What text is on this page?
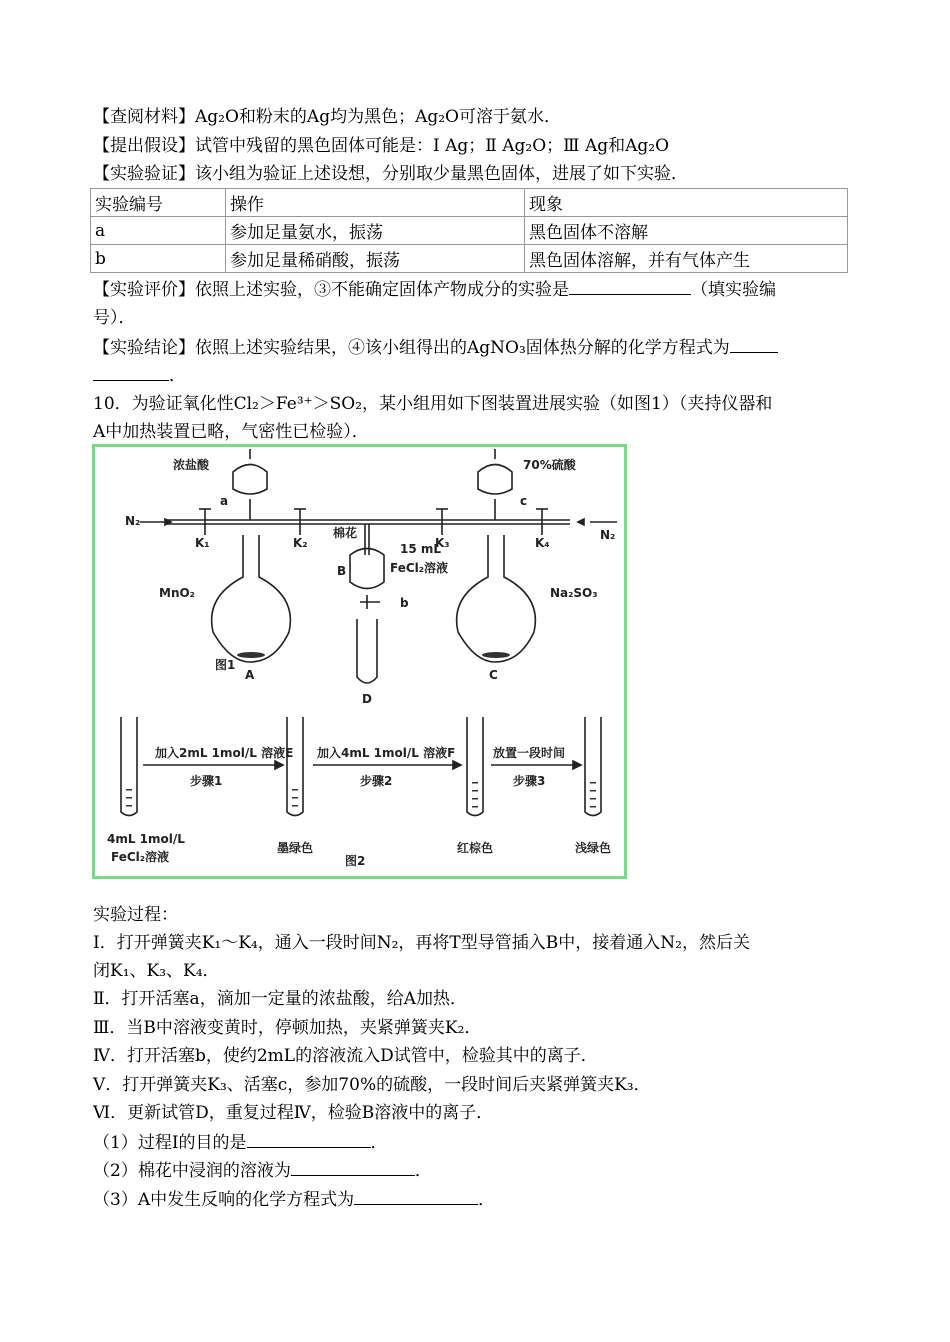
【查阅材料】Ag₂O和粉末的Ag均为黑色；Ag₂O可溶于氨水．
【提出假设】试管中残留的黑色固体可能是：Ⅰ Ag；Ⅱ Ag₂O；Ⅲ Ag和Ag₂O
【实验验证】该小组为验证上述设想，分别取少量黑色固体，进展了如下实验．
实验编号	操作	现象
a	参加足量氨水，振荡	黑色固体不溶解
b	参加足量稀硝酸，振荡	黑色固体溶解，并有气体产生
【实验评价】依照上述实验，③不能确定固体产物成分的实验是	（填实验编
号）．
【实验结论】依照上述实验结果，④该小组得出的AgNO₃固体热分解的化学方程式为
．
10．为验证氧化性Cl₂＞Fe³⁺＞SO₂，某小组用如下图装置进展实验（如图1）（夹持仪器和
A中加热装置已略，气密性已检验）．
浓盐酸	70%硫酸
N₂
N₂
K₁	K₂	K₃	K₄
a	c
b
棉花
15 mL
FeCl₂溶液
MnO₂	Na₂SO₃
A
B
C
D
图1
加入2mL 1mol/L 溶液E
步骤1
加入4mL 1mol/L 溶液F
步骤2
放置一段时间
步骤3
4mL 1mol/L
FeCl₂溶液
墨绿色	红棕色	浅绿色
图2
实验过程：
Ⅰ．打开弹簧夹K₁～K₄，通入一段时间N₂，再将T型导管插入B中，接着通入N₂，然后关
闭K₁、K₃、K₄．
Ⅱ．打开活塞a，滴加一定量的浓盐酸，给A加热．
Ⅲ．当B中溶液变黄时，停顿加热，夹紧弹簧夹K₂．
Ⅳ．打开活塞b，使约2mL的溶液流入D试管中，检验其中的离子．
Ⅴ．打开弹簧夹K₃、活塞c，参加70%的硫酸，一段时间后夹紧弹簧夹K₃．
Ⅵ．更新试管D，重复过程Ⅳ，检验B溶液中的离子．
（1）过程Ⅰ的目的是	．
（2）棉花中浸润的溶液为	．
（3）A中发生反响的化学方程式为	．
